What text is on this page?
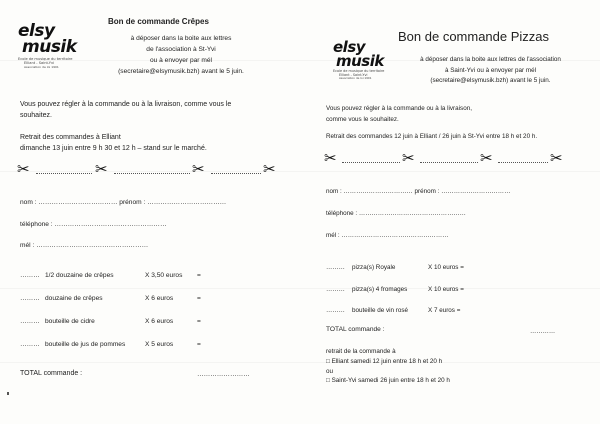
elsy
musik
Ecole de musique du territoire
Elliant - Saint-Yvi
Association de loi 1901
Bon de commande Crêpes
à déposer dans la boite aux lettres
de l'association à St-Yvi
ou à envoyer par mél
(secretaire@elsymusik.bzh) avant le 5 juin.
Vous pouvez régler à la commande ou à la livraison, comme vous le
souhaitez.
Retrait des commandes à Elliant
dimanche 13 juin entre 9 h 30 et 12 h – stand sur le marché.
✂	✂	✂	✂
nom : ……………………………… prénom : ………………………………
téléphone : ……………………………………………
mél : ……………………………………………
……… 1/2 douzaine de crêpes	X 3,50 euros =
……… douzaine de crêpes	X 6 euros	=
……… bouteille de cidre	X 6 euros	=
……… bouteille de jus de pommes	X 5 euros	=
TOTAL commande :	……………………
elsy
musik
Ecole de musique du territoire
Elliant - Saint-Yvi
Association de loi 1901
Bon de commande Pizzas
à déposer dans la boite aux lettres de l'association
à Saint-Yvi ou à envoyer par mél
(secretaire@elsymusik.bzh) avant le 5 juin.
Vous pouvez régler à la commande ou à la livraison,
comme vous le souhaitez.
Retrait des commandes 12 juin à Elliant / 26 juin à St-Yvi entre 18 h et 20 h.
✂	✂	✂	✂
nom : …………………………… prénom : ……………………………
téléphone : ……………………………………………
mél : ……………………………………………
……… pizza(s) Royale	X 10 euros =
……… pizza(s) 4 fromages	X 10 euros =
……… bouteille de vin rosé	X 7 euros =
TOTAL commande :	…………
retrait de la commande à
□ Elliant samedi 12 juin entre 18 h et 20 h
ou
□ Saint-Yvi samedi 26 juin entre 18 h et 20 h
